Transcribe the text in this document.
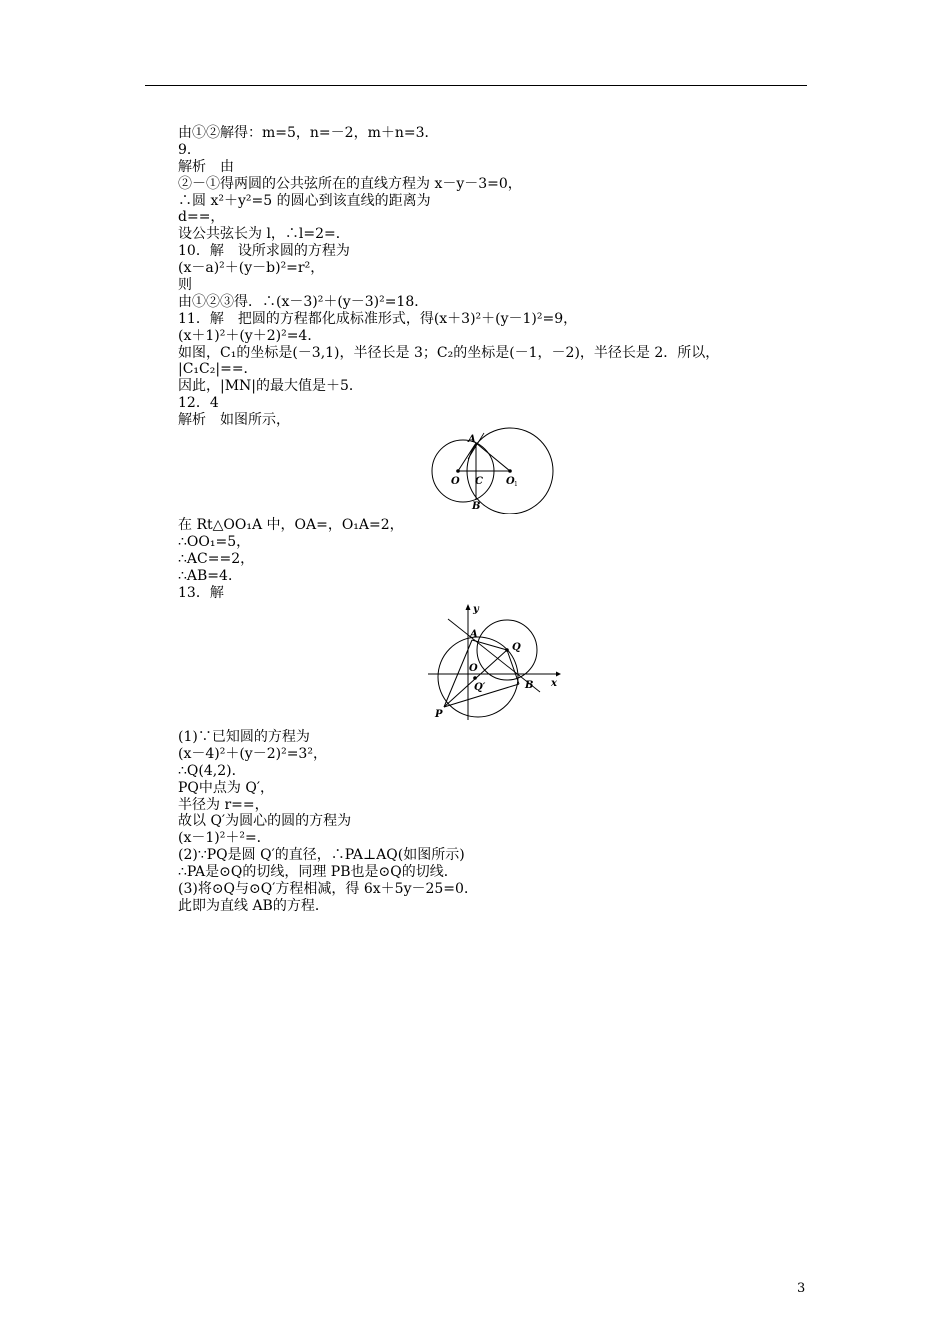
由①②解得：m=5，n=－2，m＋n=3．
9．
解析　由
②－①得两圆的公共弦所在的直线方程为 x－y－3=0，
∴圆 x²＋y²=5 的圆心到该直线的距离为
d==，
设公共弦长为 l，∴l=2=．
10．解　设所求圆的方程为
(x－a)²＋(y－b)²=r²，
则
由①②③得．∴(x－3)²＋(y－3)²=18．
11．解　把圆的方程都化成标准形式，得(x＋3)²＋(y－1)²=9，
(x＋1)²＋(y＋2)²=4．
如图，C₁的坐标是(－3,1)，半径长是 3；C₂的坐标是(－1，－2)，半径长是 2．所以，
|C₁C₂|==．
因此，|MN|的最大值是＋5．
12．4
解析　如图所示，
A
O C O 1
B
在 Rt△OO₁A 中，OA=，O₁A=2，
∴OO₁=5，
∴AC==2，
∴AB=4．
13．解
y
x
A
Q
O
Q′	B
P
(1)∵已知圆的方程为
(x－4)²＋(y－2)²=3²，
∴Q(4,2)．
PQ中点为 Q′，
半径为 r==，
故以 Q′为圆心的圆的方程为
(x－1)²＋²=．
(2)∵PQ是圆 Q′的直径，∴PA⊥AQ(如图所示)
∴PA是⊙Q的切线，同理 PB也是⊙Q的切线．
(3)将⊙Q与⊙Q′方程相减，得 6x＋5y－25=0．
此即为直线 AB的方程．
3
